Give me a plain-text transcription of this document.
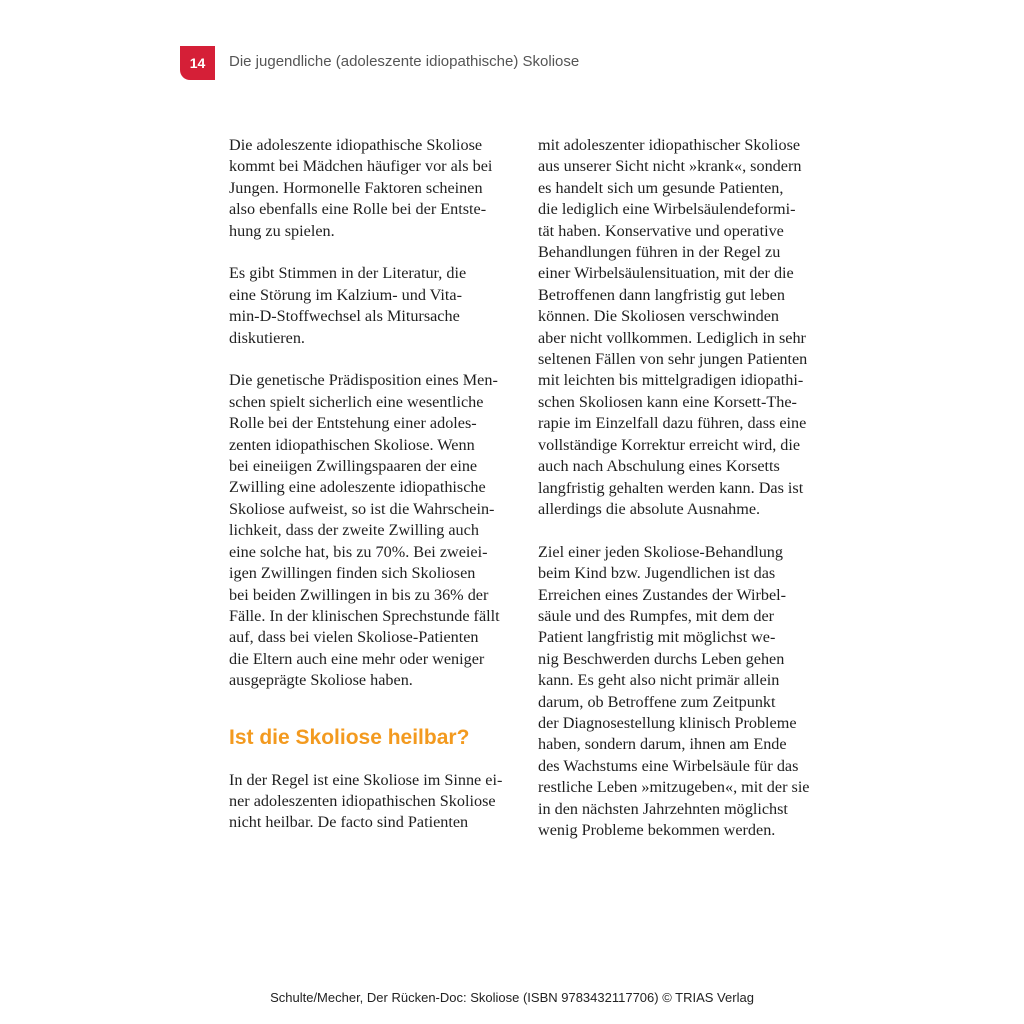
14 Die jugendliche (adoleszente idiopathische) Skoliose
Die adoleszente idiopathische Skoliose
kommt bei Mädchen häufiger vor als bei
Jungen. Hormonelle Faktoren scheinen
also ebenfalls eine Rolle bei der Entste-
hung zu spielen.
Es gibt Stimmen in der Literatur, die
eine Störung im Kalzium- und Vita-
min-D-Stoffwechsel als Mitursache
diskutieren.
Die genetische Prädisposition eines Men-
schen spielt sicherlich eine wesentliche
Rolle bei der Entstehung einer adoles-
zenten idiopathischen Skoliose. Wenn
bei eineiigen Zwillingspaaren der eine
Zwilling eine adoleszente idiopathische
Skoliose aufweist, so ist die Wahrschein-
lichkeit, dass der zweite Zwilling auch
eine solche hat, bis zu 70%. Bei zweiei-
igen Zwillingen finden sich Skoliosen
bei beiden Zwillingen in bis zu 36% der
Fälle. In der klinischen Sprechstunde fällt
auf, dass bei vielen Skoliose-Patienten
die Eltern auch eine mehr oder weniger
ausgeprägte Skoliose haben.
Ist die Skoliose heilbar?
In der Regel ist eine Skoliose im Sinne ei-
ner adoleszenten idiopathischen Skoliose
nicht heilbar. De facto sind Patienten
mit adoleszenter idiopathischer Skoliose
aus unserer Sicht nicht »krank«, sondern
es handelt sich um gesunde Patienten,
die lediglich eine Wirbelsäulendeformi-
tät haben. Konservative und operative
Behandlungen führen in der Regel zu
einer Wirbelsäulensituation, mit der die
Betroffenen dann langfristig gut leben
können. Die Skoliosen verschwinden
aber nicht vollkommen. Lediglich in sehr
seltenen Fällen von sehr jungen Patienten
mit leichten bis mittelgradigen idiopathi-
schen Skoliosen kann eine Korsett-The-
rapie im Einzelfall dazu führen, dass eine
vollständige Korrektur erreicht wird, die
auch nach Abschulung eines Korsetts
langfristig gehalten werden kann. Das ist
allerdings die absolute Ausnahme.
Ziel einer jeden Skoliose-Behandlung
beim Kind bzw. Jugendlichen ist das
Erreichen eines Zustandes der Wirbel-
säule und des Rumpfes, mit dem der
Patient langfristig mit möglichst we-
nig Beschwerden durchs Leben gehen
kann. Es geht also nicht primär allein
darum, ob Betroffene zum Zeitpunkt
der Diagnosestellung klinisch Probleme
haben, sondern darum, ihnen am Ende
des Wachstums eine Wirbelsäule für das
restliche Leben »mitzugeben«, mit der sie
in den nächsten Jahrzehnten möglichst
wenig Probleme bekommen werden.
Schulte/Mecher, Der Rücken-Doc: Skoliose (ISBN 9783432117706) © TRIAS Verlag
